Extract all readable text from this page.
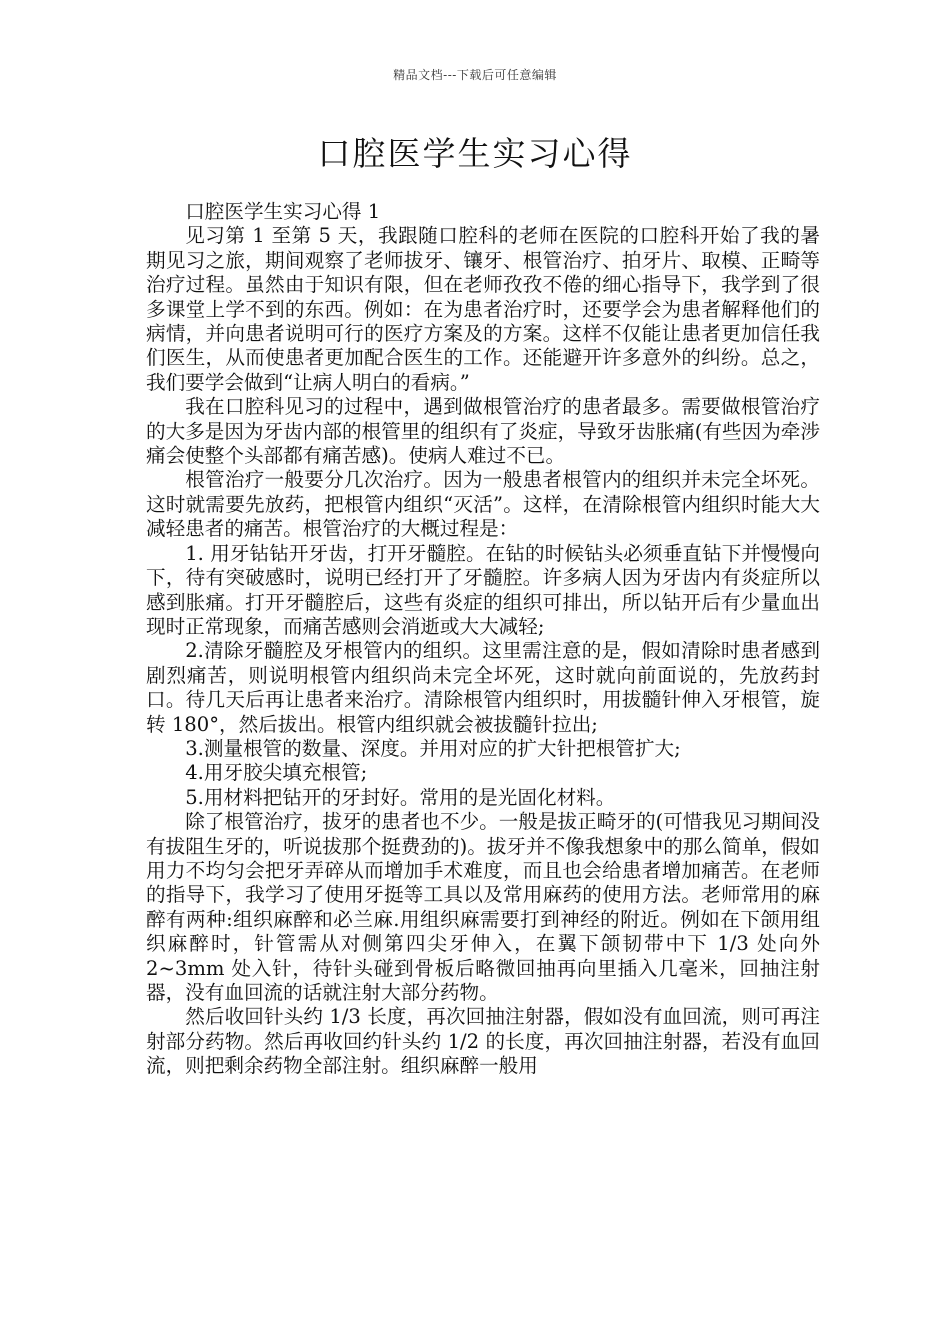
精品文档---下载后可任意编辑
口腔医学生实习心得

口腔医学生实习心得 1

见习第 1 至第 5 天，我跟随口腔科的老师在医院的口腔科开始了我的暑期见习之旅，期间观察了老师拔牙、镶牙、根管治疗、拍牙片、取模、正畸等治疗过程。虽然由于知识有限，但在老师孜孜不倦的细心指导下，我学到了很多课堂上学不到的东西。例如：在为患者治疗时，还要学会为患者解释他们的病情，并向患者说明可行的医疗方案及的方案。这样不仅能让患者更加信任我们医生，从而使患者更加配合医生的工作。还能避开许多意外的纠纷。总之，我们要学会做到“让病人明白的看病。”

我在口腔科见习的过程中，遇到做根管治疗的患者最多。需要做根管治疗的大多是因为牙齿内部的根管里的组织有了炎症，导致牙齿胀痛(有些因为牵涉痛会使整个头部都有痛苦感)。使病人难过不已。

根管治疗一般要分几次治疗。因为一般患者根管内的组织并未完全坏死。这时就需要先放药，把根管内组织“灭活”。这样，在清除根管内组织时能大大减轻患者的痛苦。根管治疗的大概过程是：

1. 用牙钻钻开牙齿，打开牙髓腔。在钻的时候钻头必须垂直钻下并慢慢向下，待有突破感时，说明已经打开了牙髓腔。许多病人因为牙齿内有炎症所以感到胀痛。打开牙髓腔后，这些有炎症的组织可排出，所以钻开后有少量血出现时正常现象，而痛苦感则会消逝或大大减轻;

2.清除牙髓腔及牙根管内的组织。这里需注意的是，假如清除时患者感到剧烈痛苦，则说明根管内组织尚未完全坏死，这时就向前面说的，先放药封口。待几天后再让患者来治疗。清除根管内组织时，用拔髓针伸入牙根管，旋转 180°，然后拔出。根管内组织就会被拔髓针拉出;

3.测量根管的数量、深度。并用对应的扩大针把根管扩大;

4.用牙胶尖填充根管;

5.用材料把钻开的牙封好。常用的是光固化材料。

除了根管治疗，拔牙的患者也不少。一般是拔正畸牙的(可惜我见习期间没有拔阻生牙的，听说拔那个挺费劲的)。拔牙并不像我想象中的那么简单，假如用力不均匀会把牙弄碎从而增加手术难度，而且也会给患者增加痛苦。在老师的指导下，我学习了使用牙挺等工具以及常用麻药的使用方法。老师常用的麻醉有两种:组织麻醉和必兰麻.用组织麻需要打到神经的附近。例如在下颌用组织麻醉时，针管需从对侧第四尖牙伸入，在翼下颌韧带中下 1/3 处向外 2~3mm 处入针，待针头碰到骨板后略微回抽再向里插入几毫米，回抽注射器，没有血回流的话就注射大部分药物。

然后收回针头约 1/3 长度，再次回抽注射器，假如没有血回流，则可再注射部分药物。然后再收回约针头约 1/2 的长度，再次回抽注射器，若没有血回流，则把剩余药物全部注射。组织麻醉一般用
